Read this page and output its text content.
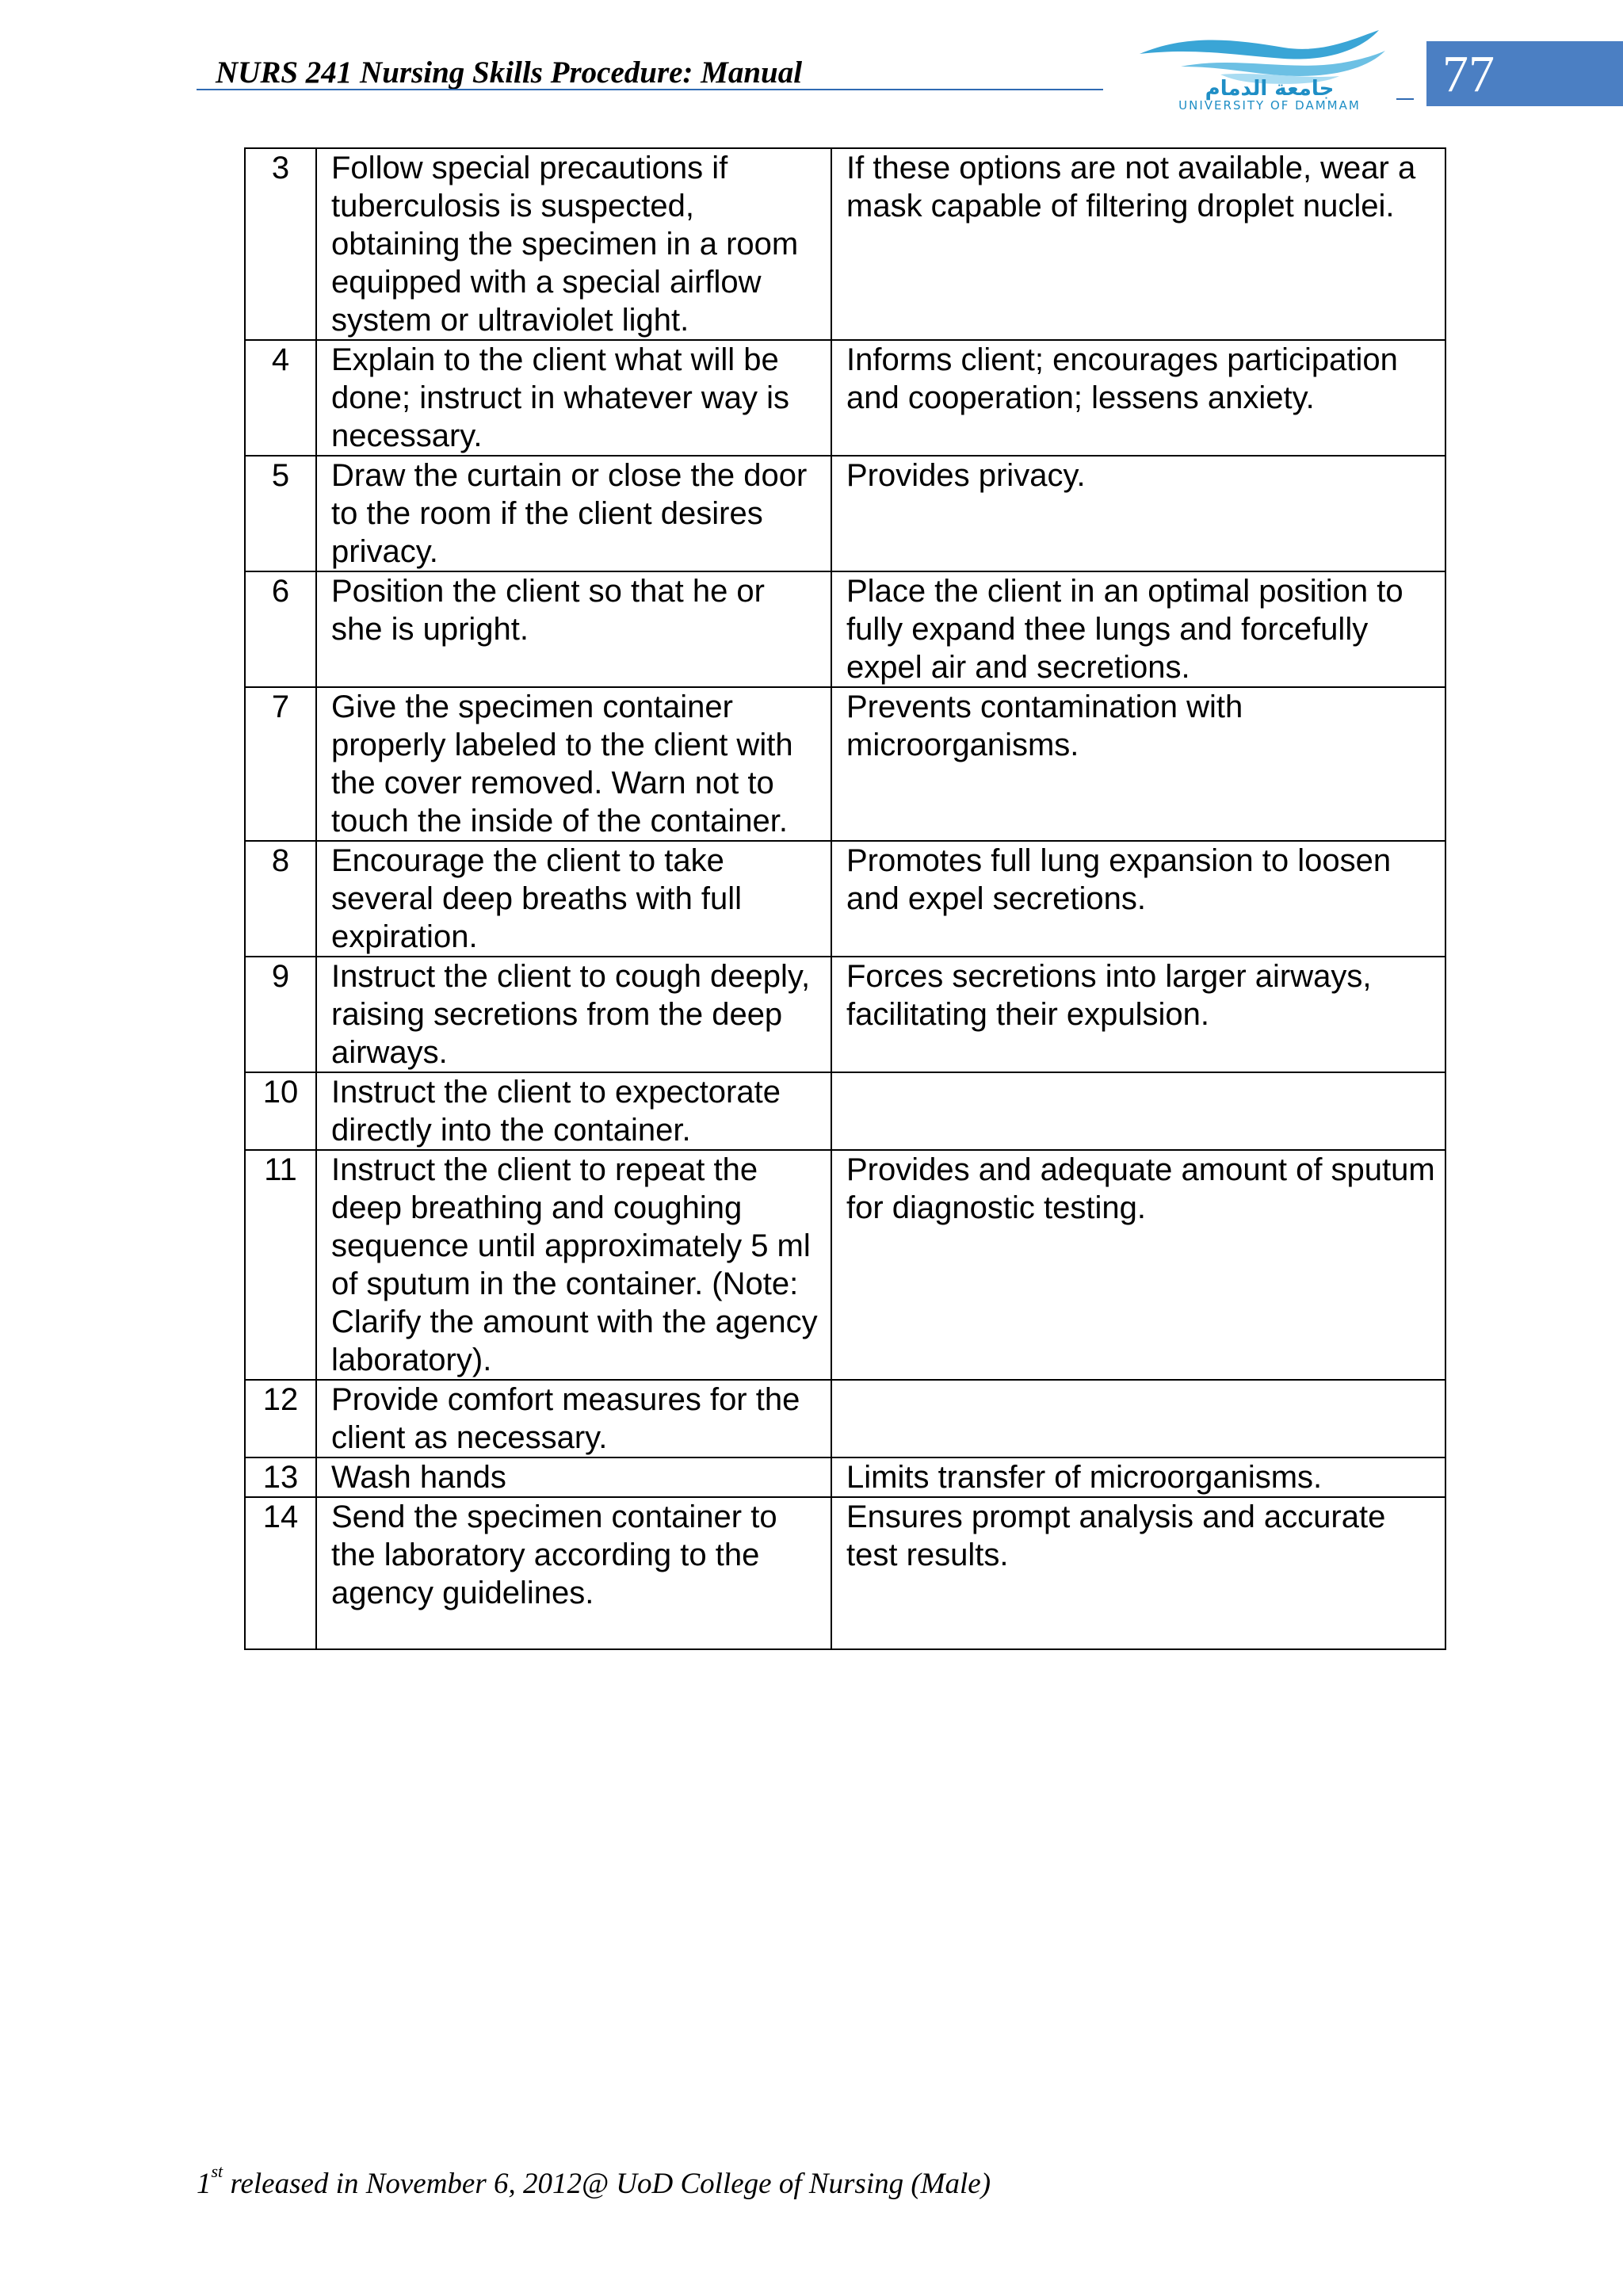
NURS 241 Nursing Skills Procedure: Manual	جامعة الدمام
UNIVERSITY OF DAMMAM
77
3	Follow special precautions if tuberculosis is suspected, obtaining the specimen in a room equipped with a special airflow system or ultraviolet light.	If these options are not available, wear a mask capable of filtering droplet nuclei.
4	Explain to the client what will be done; instruct in whatever way is necessary.	Informs client; encourages participation and cooperation; lessens anxiety.
5	Draw the curtain or close the door to the room if the client desires privacy.	Provides privacy.
6	Position the client so that he or she is upright.	Place the client in an optimal position to fully expand thee lungs and forcefully expel air and secretions.
7	Give the specimen container properly labeled to the client with the cover removed. Warn not to touch the inside of the container.	Prevents contamination with microorganisms.
8	Encourage the client to take several deep breaths with full expiration.	Promotes full lung expansion to loosen and expel secretions.
9	Instruct the client to cough deeply, raising secretions from the deep airways.	Forces secretions into larger airways, facilitating their expulsion.
10	Instruct the client to expectorate directly into the container.	
11	Instruct the client to repeat the deep breathing and coughing sequence until approximately 5 ml of sputum in the container. (Note: Clarify the amount with the agency laboratory).	Provides and adequate amount of sputum for diagnostic testing.
12	Provide comfort measures for the client as necessary.	
13	Wash hands	Limits transfer of microorganisms.
14	Send the specimen container to the laboratory according to the agency guidelines.	Ensures prompt analysis and accurate test results.
1st released in November 6, 2012@ UoD College of Nursing (Male)
